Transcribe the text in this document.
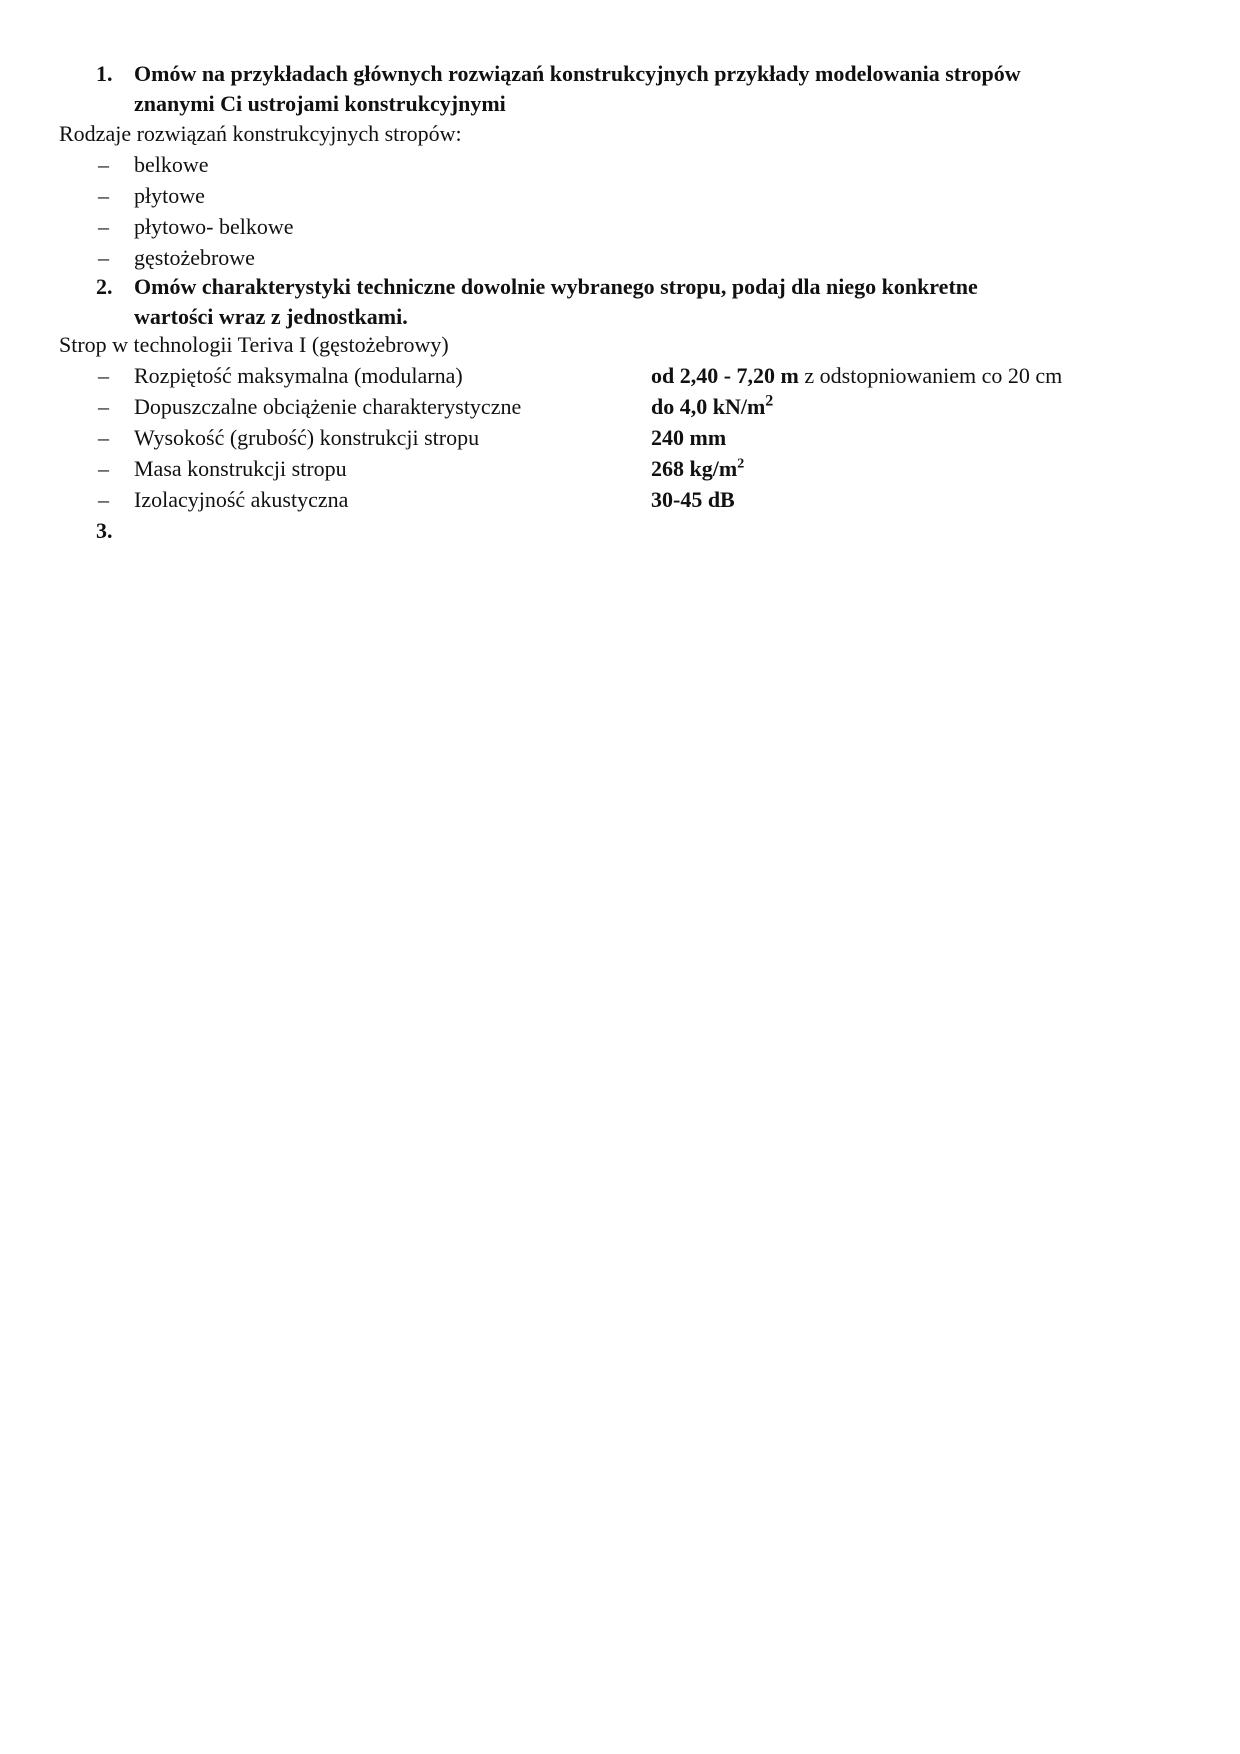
1. Omów na przykładach głównych rozwiązań konstrukcyjnych przykłady modelowania stropów
znanymi Ci ustrojami konstrukcyjnymi
Rodzaje rozwiązań konstrukcyjnych stropów:
– belkowe
– płytowe
– płytowo- belkowe
– gęstożebrowe
2. Omów charakterystyki techniczne dowolnie wybranego stropu, podaj dla niego konkretne
wartości wraz z jednostkami.
Strop w technologii Teriva I (gęstożebrowy)
– Rozpiętość maksymalna (modularna)	od 2,40 - 7,20 m z odstopniowaniem co 20 cm
– Dopuszczalne obciążenie charakterystyczne	do 4,0 $kN/m^2$
– Wysokość (grubość) konstrukcji stropu	240 mm
– Masa konstrukcji stropu	268 $kg/m^2$
– Izolacyjność akustyczna	30-45 dB
3.
